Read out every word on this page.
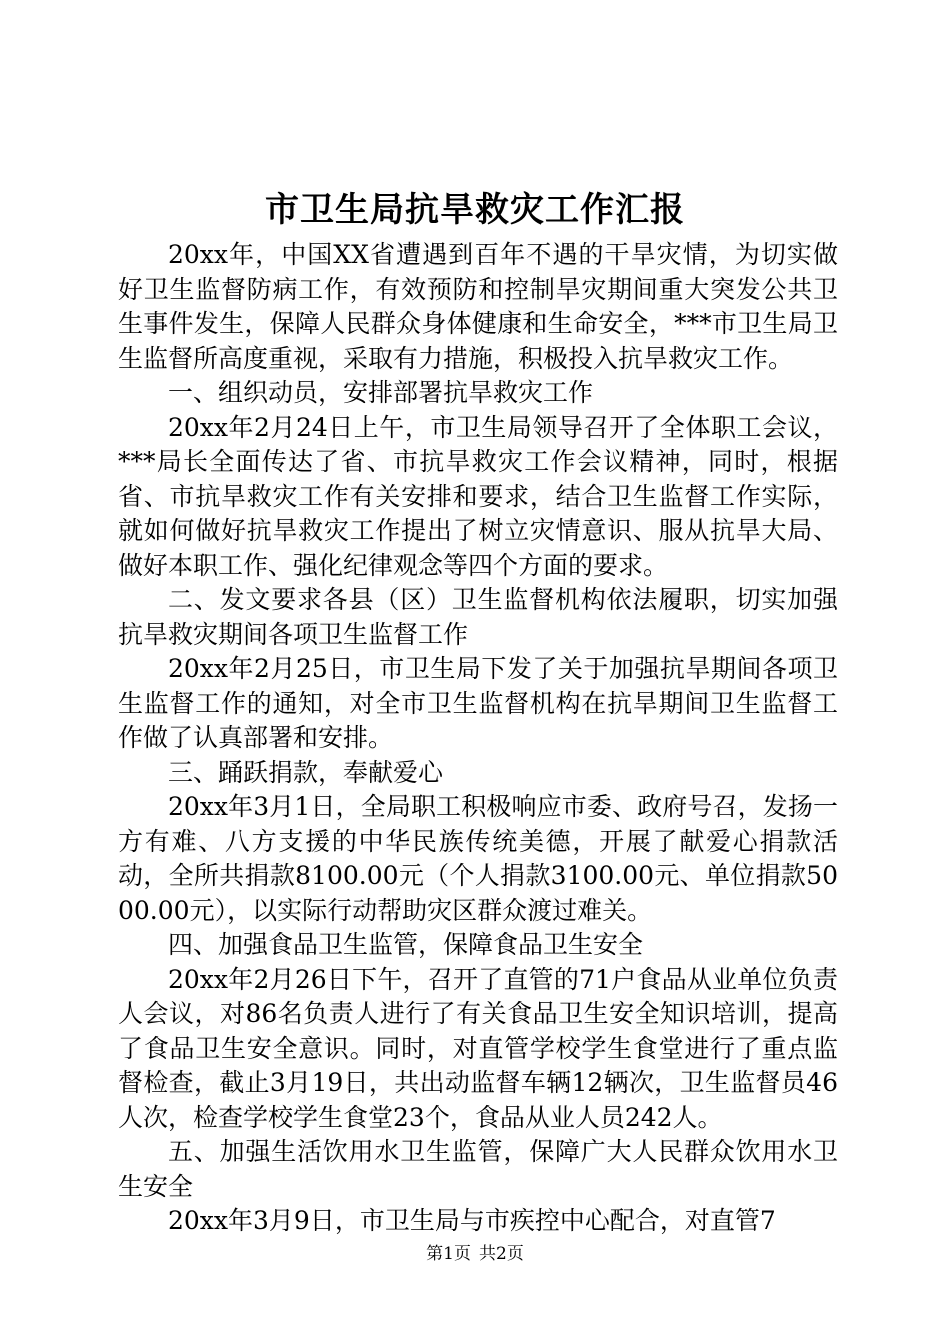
市卫生局抗旱救灾工作汇报

20xx年，中国XX省遭遇到百年不遇的干旱灾情，为切实做好卫生监督防病工作，有效预防和控制旱灾期间重大突发公共卫生事件发生，保障人民群众身体健康和生命安全，***市卫生局卫生监督所高度重视，采取有力措施，积极投入抗旱救灾工作。

一、组织动员，安排部署抗旱救灾工作

20xx年2月24日上午，市卫生局领导召开了全体职工会议，***局长全面传达了省、市抗旱救灾工作会议精神，同时，根据省、市抗旱救灾工作有关安排和要求，结合卫生监督工作实际，就如何做好抗旱救灾工作提出了树立灾情意识、服从抗旱大局、做好本职工作、强化纪律观念等四个方面的要求。

二、发文要求各县（区）卫生监督机构依法履职，切实加强抗旱救灾期间各项卫生监督工作

20xx年2月25日，市卫生局下发了关于加强抗旱期间各项卫生监督工作的通知，对全市卫生监督机构在抗旱期间卫生监督工作做了认真部署和安排。

三、踊跃捐款，奉献爱心

20xx年3月1日，全局职工积极响应市委、政府号召，发扬一方有难、八方支援的中华民族传统美德，开展了献爱心捐款活动，全所共捐款8100.00元（个人捐款3100.00元、单位捐款5000.00元），以实际行动帮助灾区群众渡过难关。

四、加强食品卫生监管，保障食品卫生安全

20xx年2月26日下午，召开了直管的71户食品从业单位负责人会议，对86名负责人进行了有关食品卫生安全知识培训，提高了食品卫生安全意识。同时，对直管学校学生食堂进行了重点监督检查，截止3月19日，共出动监督车辆12辆次，卫生监督员46人次，检查学校学生食堂23个，食品从业人员242人。

五、加强生活饮用水卫生监管，保障广大人民群众饮用水卫生安全

20xx年3月9日，市卫生局与市疾控中心配合，对直管7

第1页 共2页
